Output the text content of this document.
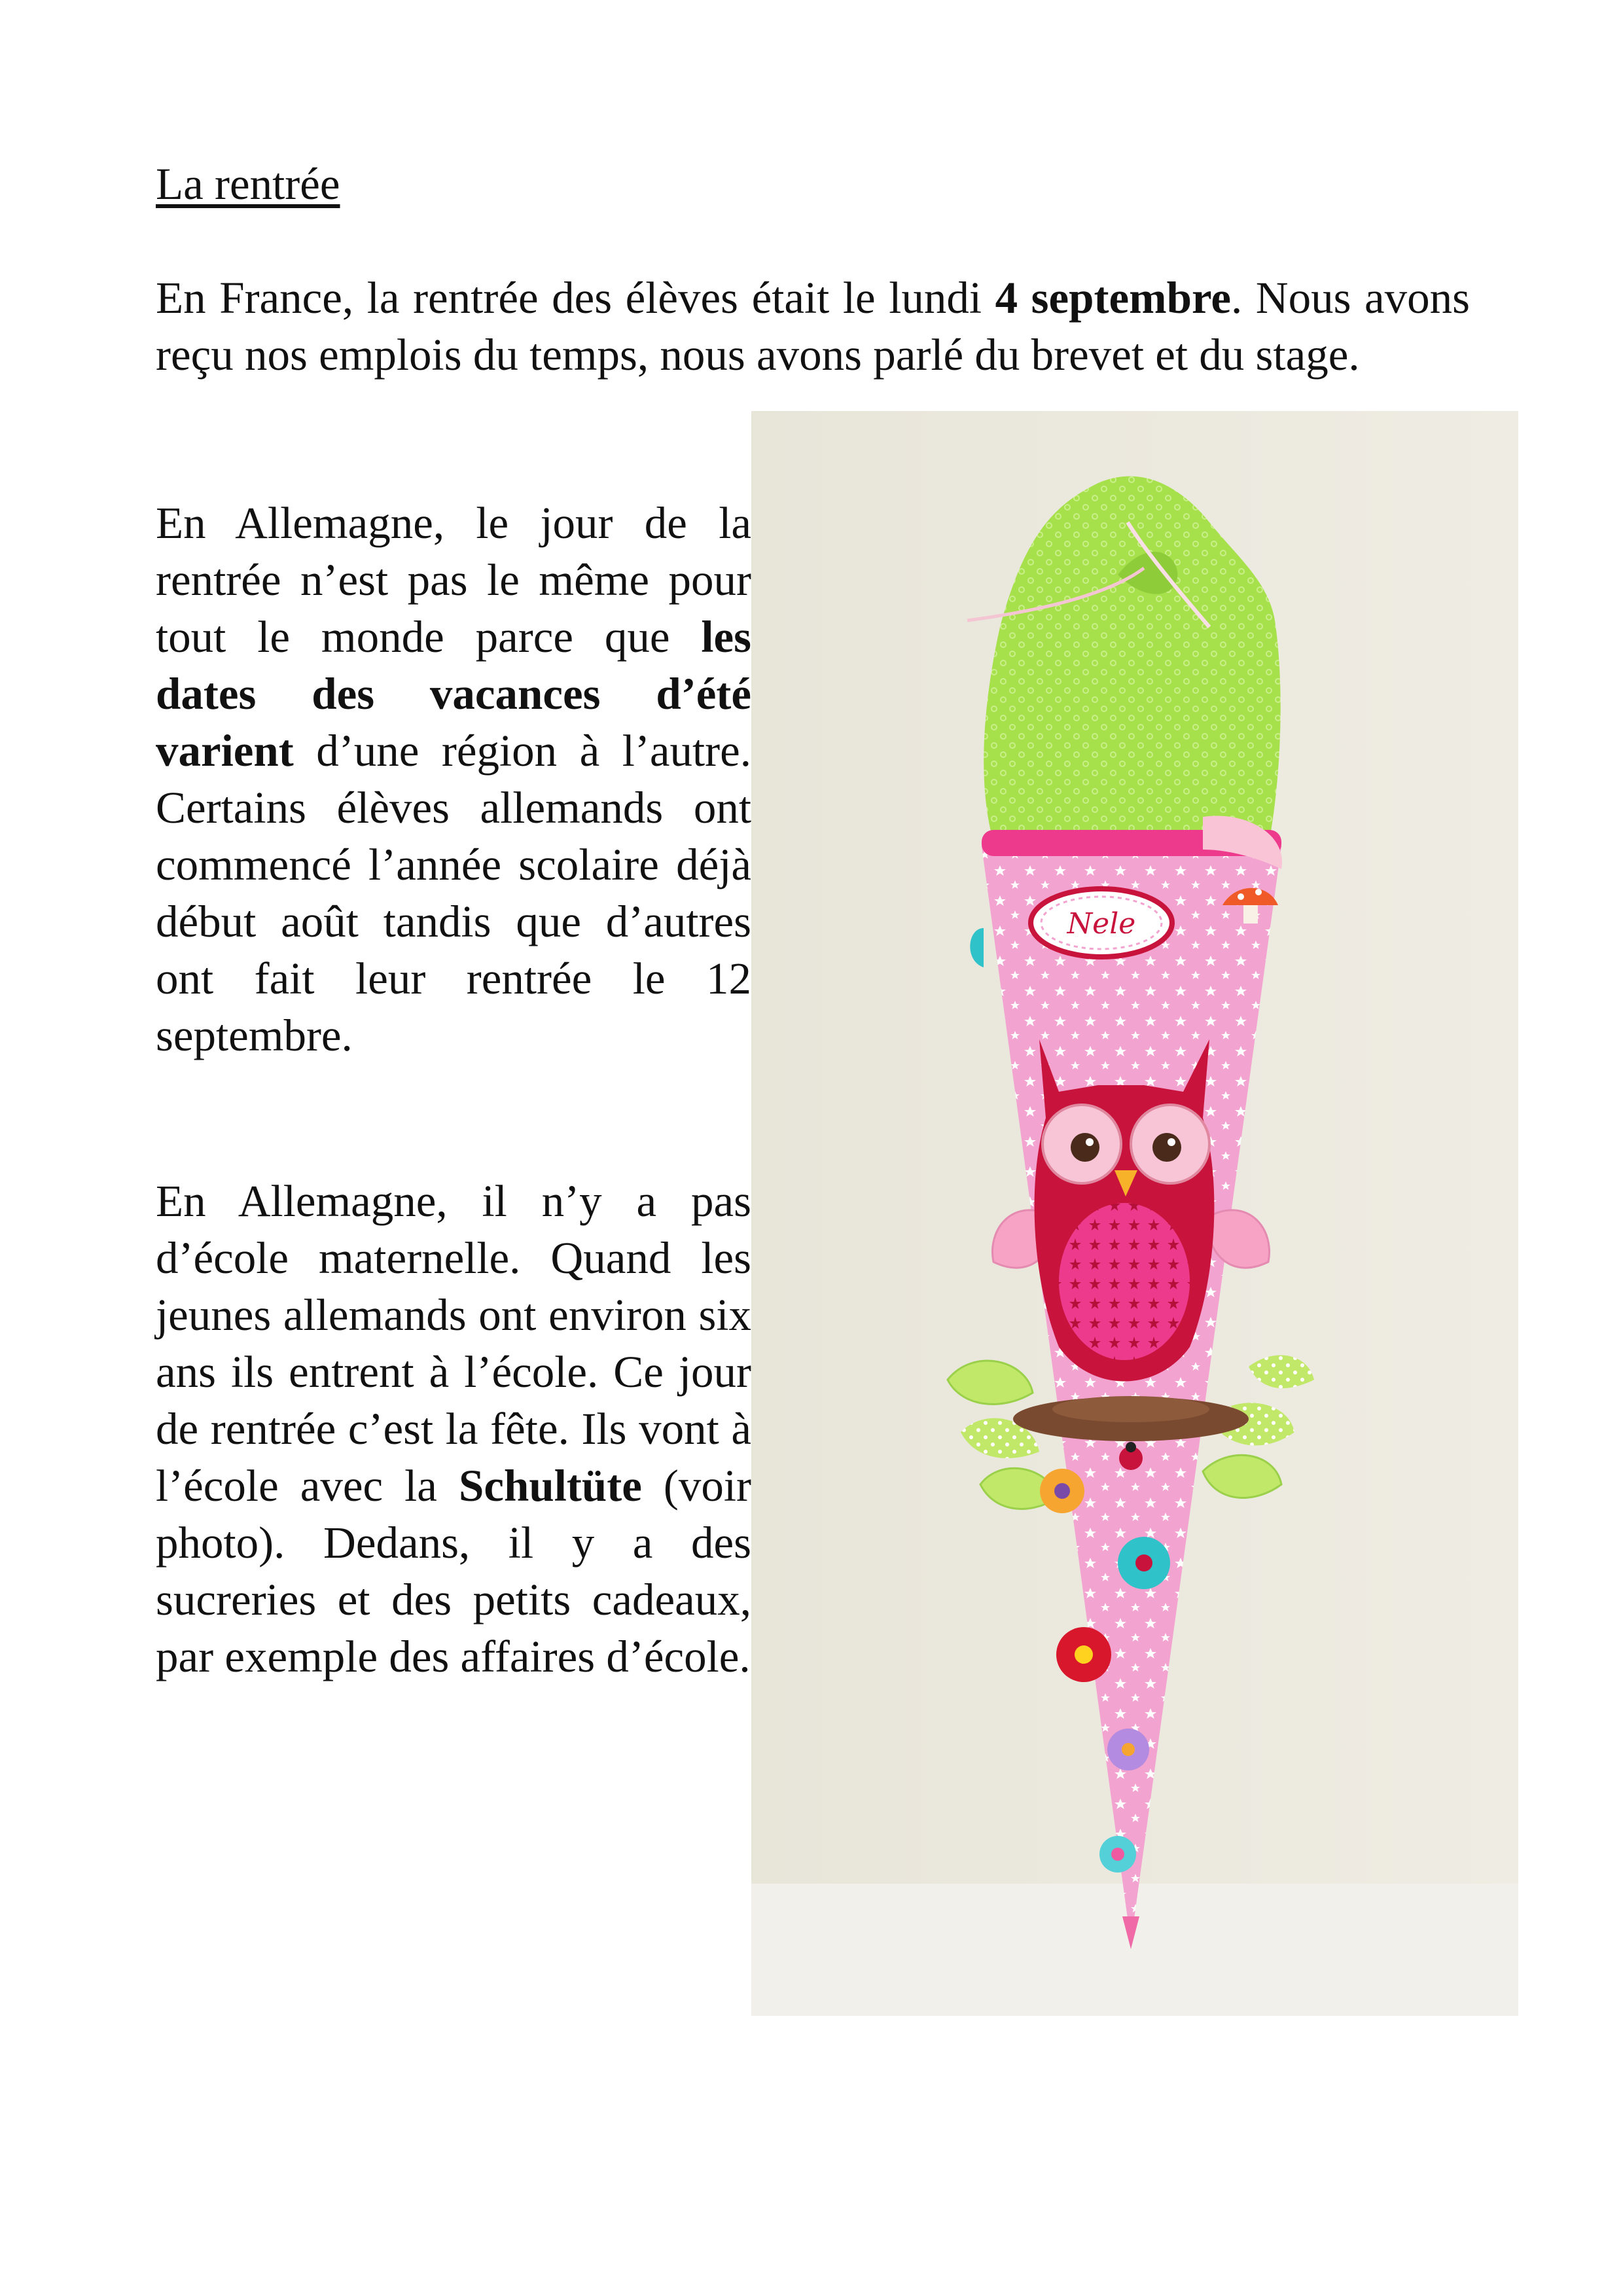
La rentrée

En France, la rentrée des élèves était le lundi 4 septembre. Nous avons reçu nos emplois du temps, nous avons parlé du brevet et du stage.

En Allemagne, le jour de la rentrée n’est pas le même pour tout le monde parce que les dates des vacances d’été varient d’une région à l’autre. Certains élèves allemands ont commencé l’année scolaire déjà début août tandis que d’autres ont fait leur rentrée le 12 septembre.

En Allemagne, il n’y a pas d’école maternelle. Quand les jeunes allemands ont environ six ans ils entrent à l’école. Ce jour de rentrée c’est la fête. Ils vont à l’école avec la Schultüte (voir photo). Dedans, il y a des sucreries et des petits cadeaux, par exemple des affaires d’école.

Nele
